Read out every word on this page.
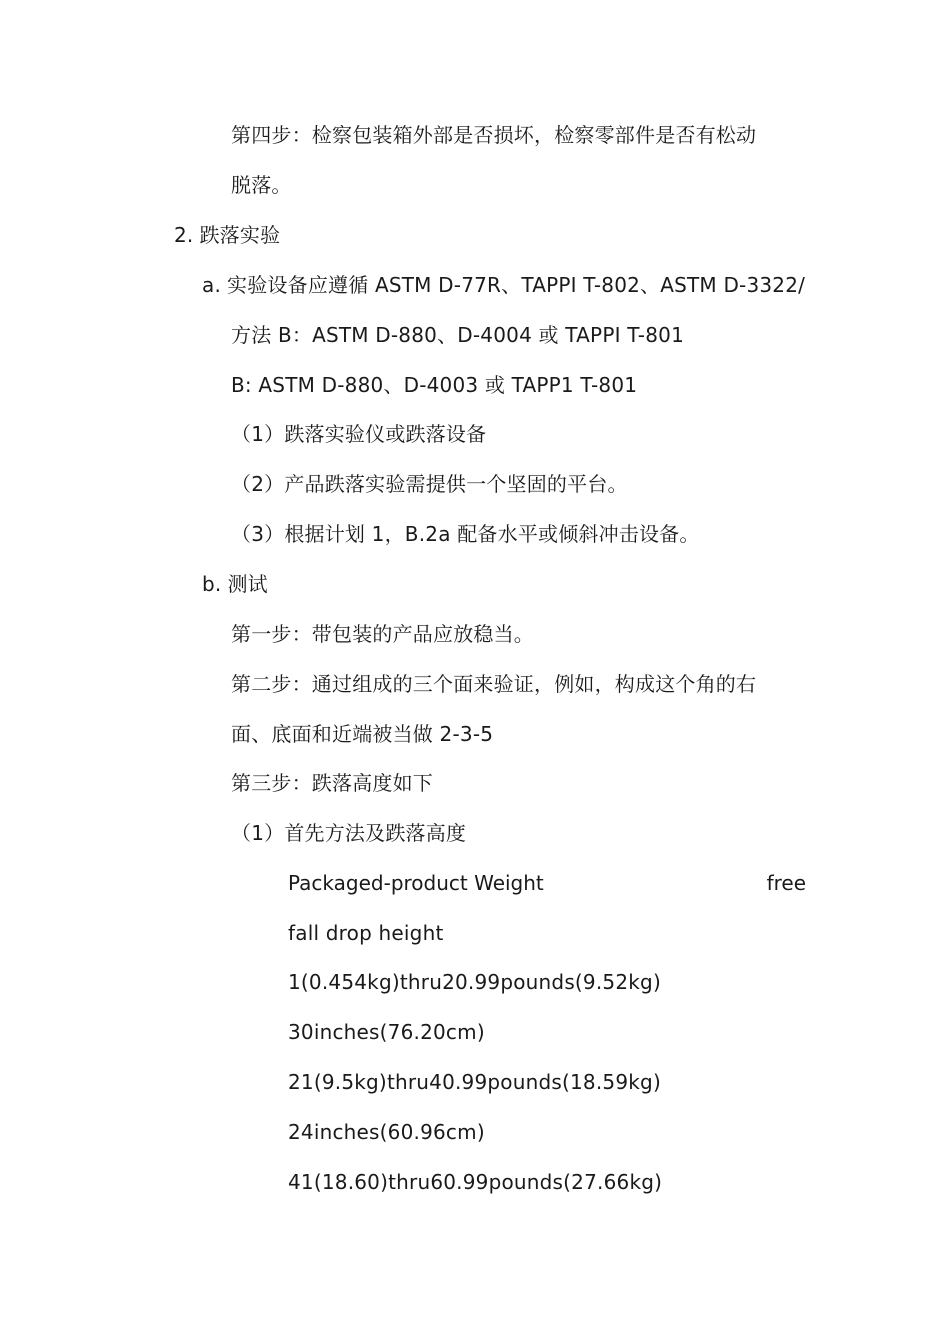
第四步：检察包装箱外部是否损坏，检察零部件是否有松动
脱落。
2. 跌落实验
a. 实验设备应遵循 ASTM D-77R、TAPPI T-802、ASTM D-3322/
方法 B：ASTM D-880、D-4004 或 TAPPI T-801
B: ASTM D-880、D-4003 或 TAPP1 T-801
（1）跌落实验仪或跌落设备
（2）产品跌落实验需提供一个坚固的平台。
（3）根据计划 1，B.2a 配备水平或倾斜冲击设备。
b. 测试
第一步：带包装的产品应放稳当。
第二步：通过组成的三个面来验证，例如，构成这个角的右
面、底面和近端被当做 2-3-5
第三步：跌落高度如下
（1）首先方法及跌落高度
Packaged-product Weight	free
fall drop height
1(0.454kg)thru20.99pounds(9.52kg)
30inches(76.20cm)
21(9.5kg)thru40.99pounds(18.59kg)
24inches(60.96cm)
41(18.60)thru60.99pounds(27.66kg)
